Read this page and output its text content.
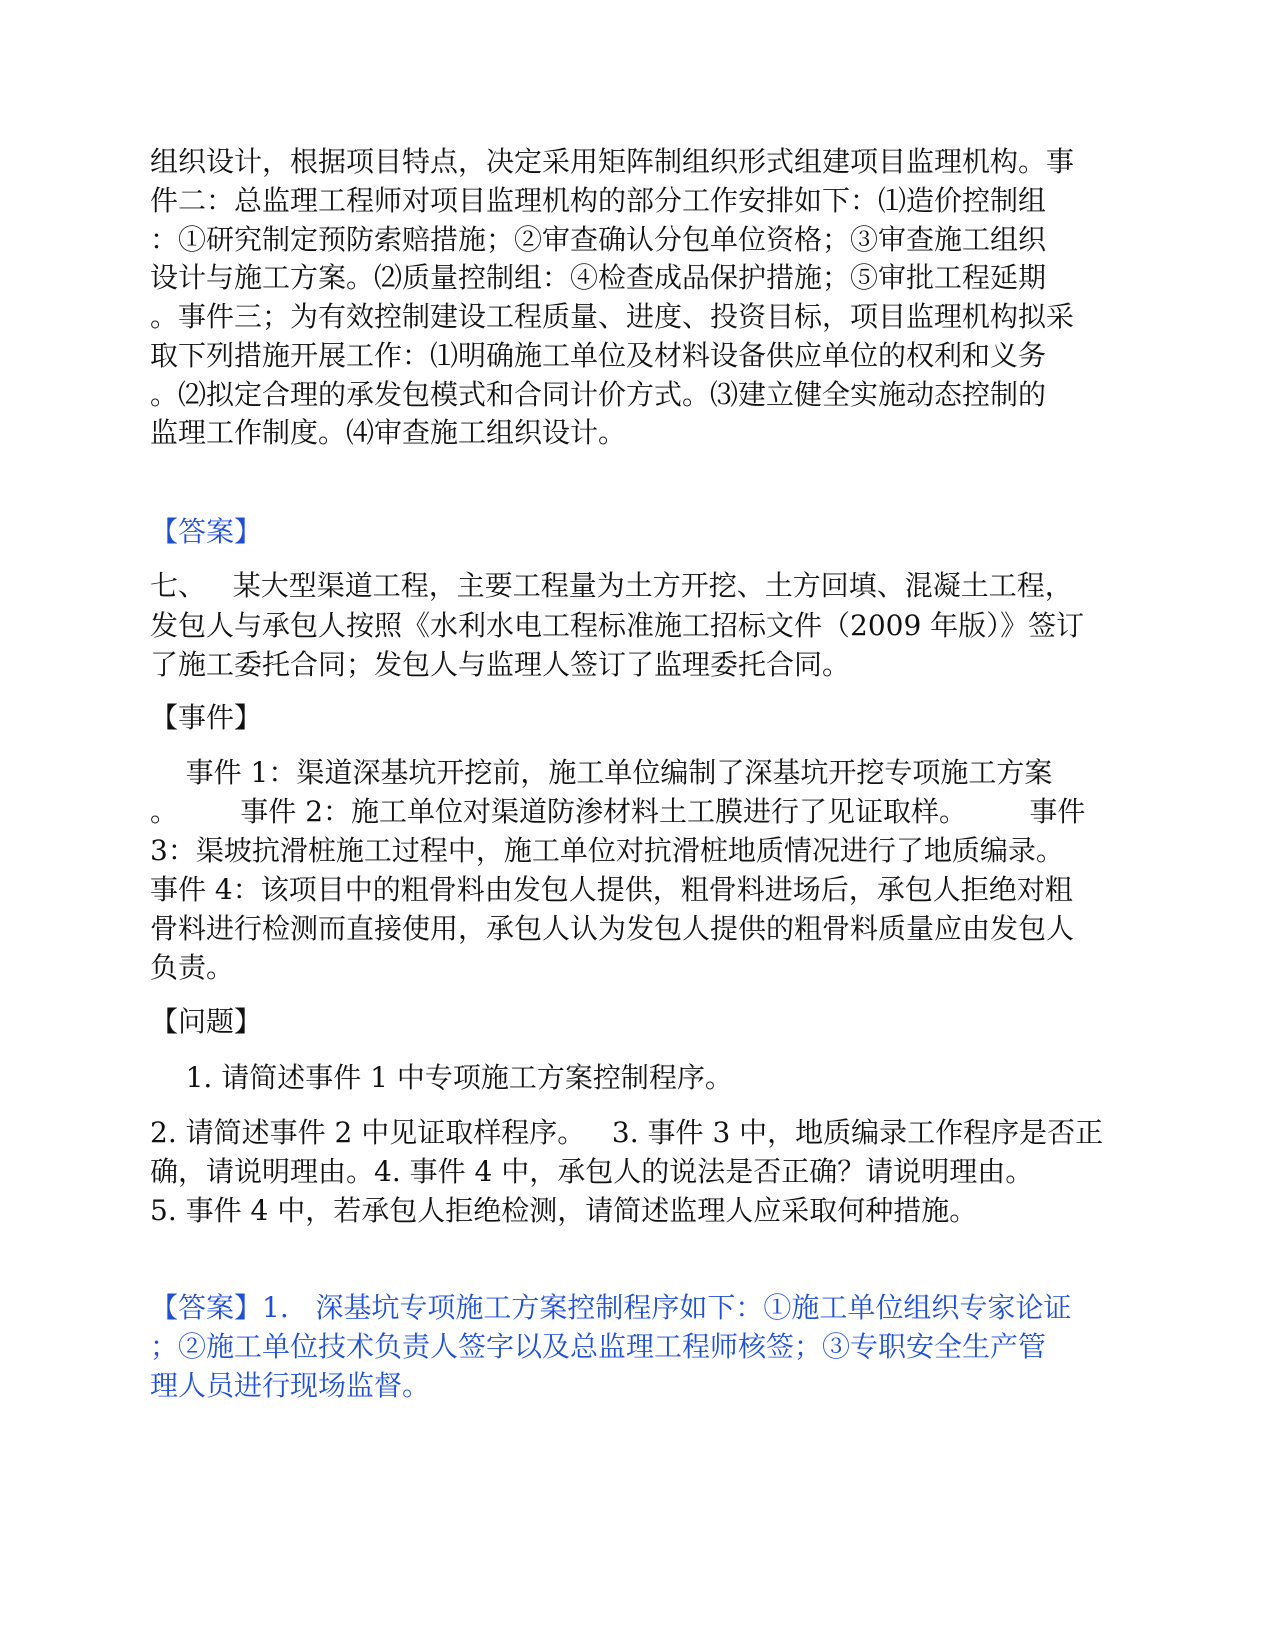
组织设计，根据项目特点，决定采用矩阵制组织形式组建项目监理机构。事

件二：总监理工程师对项目监理机构的部分工作安排如下：⑴造价控制组

：①研究制定预防索赔措施；②审查确认分包单位资格；③审查施工组织

设计与施工方案。⑵质量控制组：④检查成品保护措施；⑤审批工程延期

。事件三；为有效控制建设工程质量、进度、投资目标，项目监理机构拟采

取下列措施开展工作：⑴明确施工单位及材料设备供应单位的权利和义务

。⑵拟定合理的承发包模式和合同计价方式。⑶建立健全实施动态控制的

监理工作制度。⑷审查施工组织设计。

【答案】

七、   某大型渠道工程，主要工程量为土方开挖、土方回填、混凝土工程，

发包人与承包人按照《水利水电工程标准施工招标文件（2009 年版）》签订

了施工委托合同；发包人与监理人签订了监理委托合同。

【事件】

事件 1：渠道深基坑开挖前，施工单位编制了深基坑开挖专项施工方案

。       事件 2：施工单位对渠道防渗材料土工膜进行了见证取样。       事件

3：渠坡抗滑桩施工过程中，施工单位对抗滑桩地质情况进行了地质编录。

事件 4：该项目中的粗骨料由发包人提供，粗骨料进场后，承包人拒绝对粗

骨料进行检测而直接使用，承包人认为发包人提供的粗骨料质量应由发包人

负责。

【问题】

1. 请简述事件 1 中专项施工方案控制程序。

2. 请简述事件 2 中见证取样程序。   3. 事件 3 中，地质编录工作程序是否正

确，请说明理由。4. 事件 4 中，承包人的说法是否正确？请说明理由。

5. 事件 4 中，若承包人拒绝检测，请简述监理人应采取何种措施。

【答案】1.   深基坑专项施工方案控制程序如下：①施工单位组织专家论证

；②施工单位技术负责人签字以及总监理工程师核签；③专职安全生产管

理人员进行现场监督。
